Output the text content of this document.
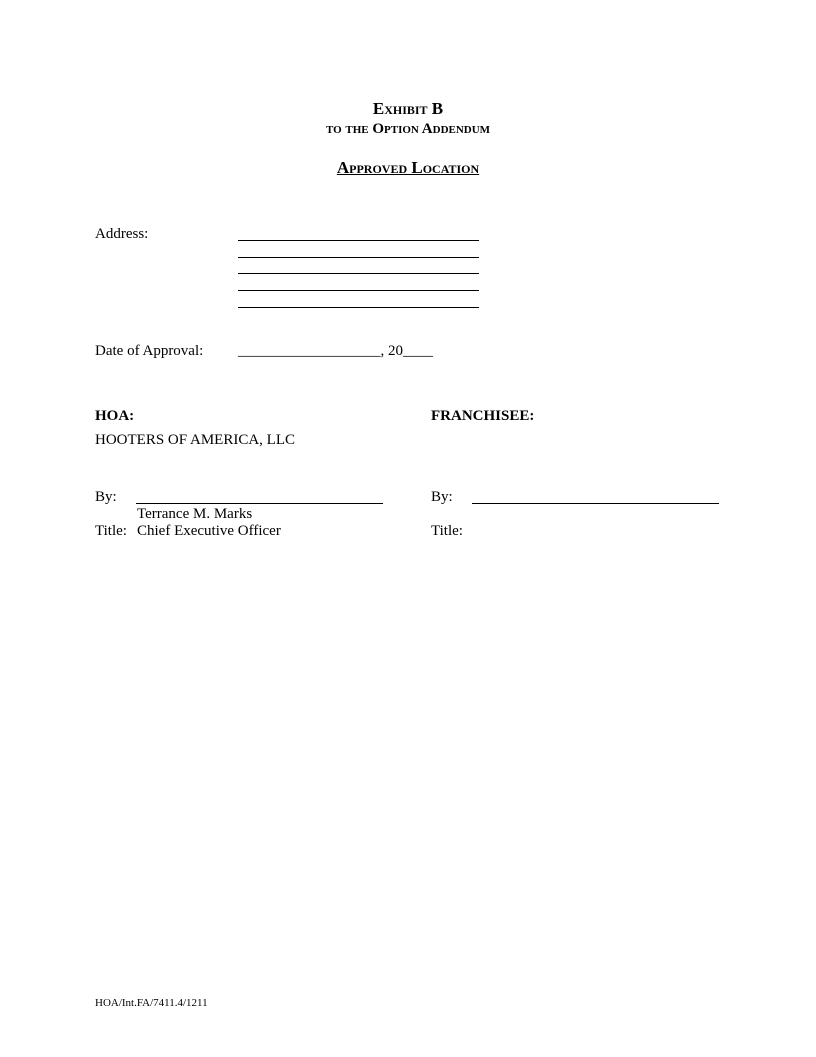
Exhibit B
to the Option Addendum
Approved Location
Address:
Date of Approval: ___________________, 20____
HOA:	FRANCHISEE:
HOOTERS OF AMERICA, LLC
By:
Terrance M. Marks
Title: Chief Executive Officer
By:
Title:
HOA/Int.FA/7411.4/1211
